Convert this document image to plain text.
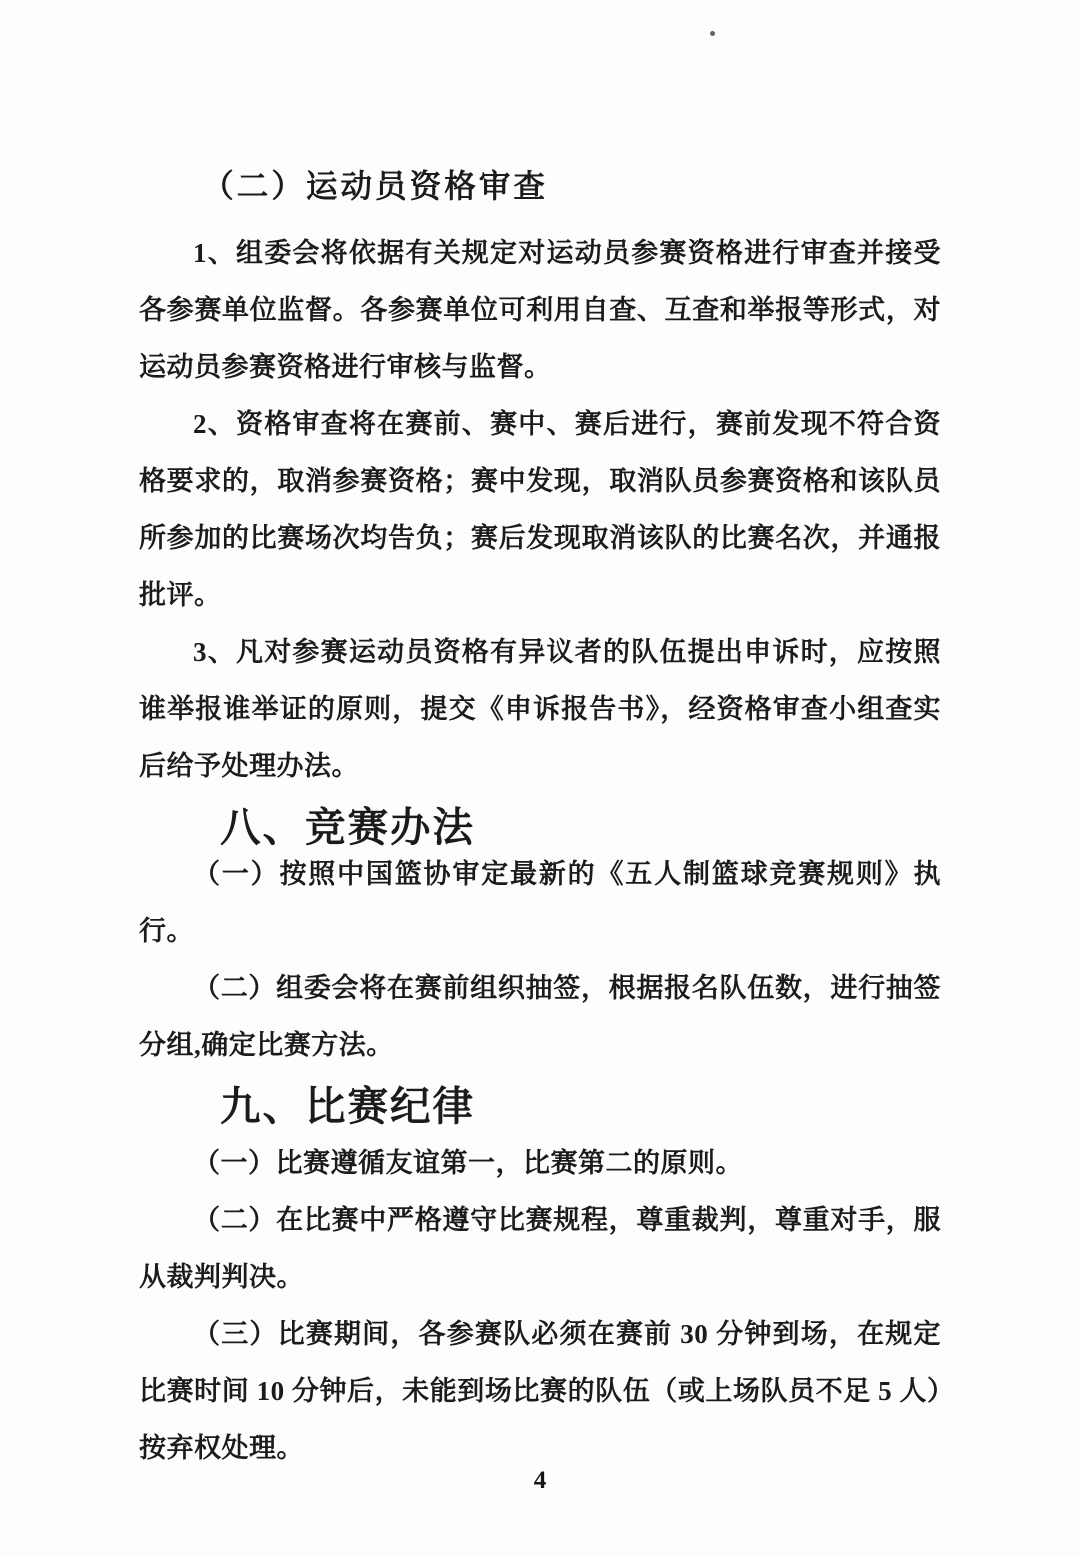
（二）运动员资格审查

1、组委会将依据有关规定对运动员参赛资格进行审查并接受各参赛单位监督。各参赛单位可利用自查、互查和举报等形式，对运动员参赛资格进行审核与监督。

2、资格审查将在赛前、赛中、赛后进行，赛前发现不符合资格要求的，取消参赛资格；赛中发现，取消队员参赛资格和该队员所参加的比赛场次均告负；赛后发现取消该队的比赛名次，并通报批评。

3、凡对参赛运动员资格有异议者的队伍提出申诉时，应按照谁举报谁举证的原则，提交《申诉报告书》，经资格审查小组查实后给予处理办法。

八、竞赛办法

（一）按照中国篮协审定最新的《五人制篮球竞赛规则》执行。

（二）组委会将在赛前组织抽签，根据报名队伍数，进行抽签分组,确定比赛方法。

九、比赛纪律

（一）比赛遵循友谊第一，比赛第二的原则。

（二）在比赛中严格遵守比赛规程，尊重裁判，尊重对手，服从裁判判决。

（三）比赛期间，各参赛队必须在赛前 30 分钟到场，在规定比赛时间 10 分钟后，未能到场比赛的队伍（或上场队员不足 5 人）按弃权处理。

4
